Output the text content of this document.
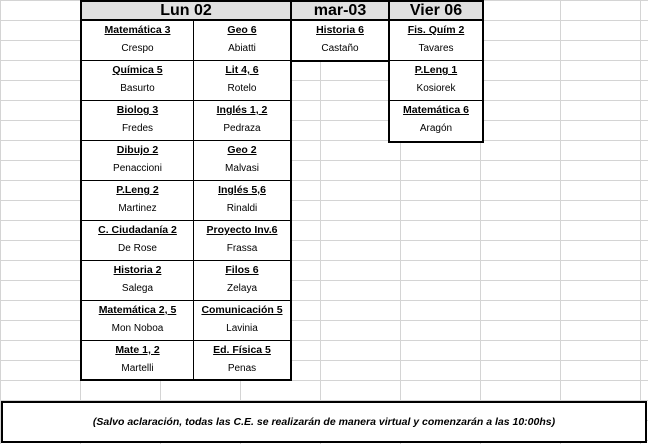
Lun 02	mar-03	Vier 06
Matemática 3
Crespo
Química 5
Basurto
Biolog 3
Fredes
Dibujo 2
Penaccioni
P.Leng 2
Martinez
C. Ciudadanía 2
De Rose
Historia 2
Salega
Matemática 2, 5
Mon Noboa
Mate 1, 2
Martelli
Geo 6
Abiatti
Lit 4, 6
Rotelo
Inglés 1, 2
Pedraza
Geo 2
Malvasi
Inglés 5,6
Rinaldi
Proyecto Inv.6
Frassa
Filos 6
Zelaya
Comunicación 5
Lavinia
Ed. Física 5
Penas
Historia 6
Castaño
Fis. Quím 2
Tavares
P.Leng 1
Kosiorek
Matemática 6
Aragón
(Salvo aclaración, todas las C.E. se realizarán de manera virtual y comenzarán a las 10:00hs)
